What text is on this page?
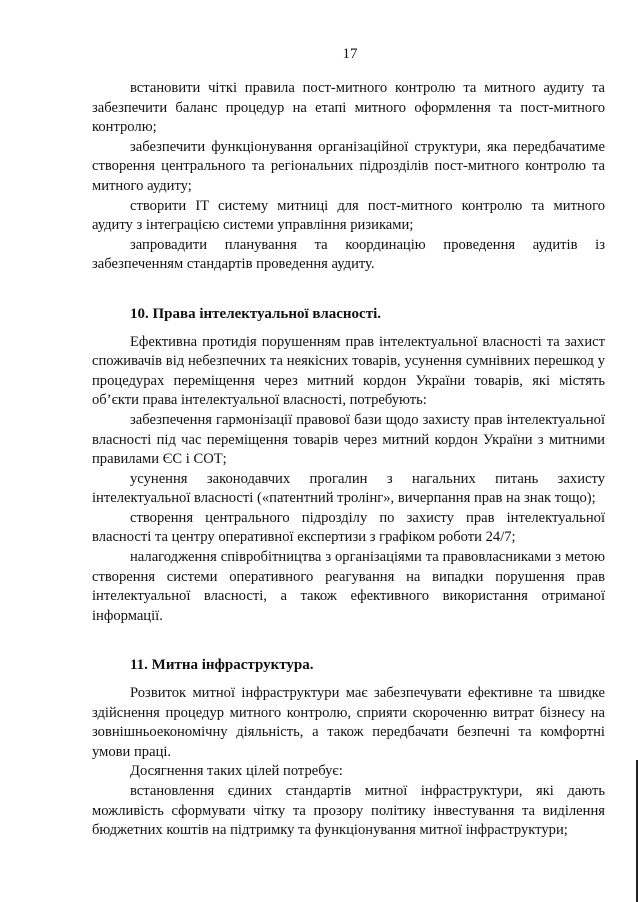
17

встановити чіткі правила пост-митного контролю та митного аудиту та забезпечити баланс процедур на етапі митного оформлення та пост-митного контролю;

забезпечити функціонування організаційної структури, яка передбачатиме створення центрального та регіональних підрозділів пост-митного контролю та митного аудиту;

створити IT систему митниці для пост-митного контролю та митного аудиту з інтеграцією системи управління ризиками;

запровадити планування та координацію проведення аудитів із забезпеченням стандартів проведення аудиту.

10. Права інтелектуальної власності.

Ефективна протидія порушенням прав інтелектуальної власності та захист споживачів від небезпечних та неякісних товарів, усунення сумнівних перешкод у процедурах переміщення через митний кордон України товарів, які містять об’єкти права інтелектуальної власності, потребують:

забезпечення гармонізації правової бази щодо захисту прав інтелектуальної власності під час переміщення товарів через митний кордон України з митними правилами ЄС і СОТ;

усунення законодавчих прогалин з нагальних питань захисту інтелектуальної власності («патентний тролінг», вичерпання прав на знак тощо);

створення центрального підрозділу по захисту прав інтелектуальної власності та центру оперативної експертизи з графіком роботи 24/7;

налагодження співробітництва з організаціями та правовласниками з метою створення системи оперативного реагування на випадки порушення прав інтелектуальної власності, а також ефективного використання отриманої інформації.

11. Митна інфраструктура.

Розвиток митної інфраструктури має забезпечувати ефективне та швидке здійснення процедур митного контролю, сприяти скороченню витрат бізнесу на зовнішньоекономічну діяльність, а також передбачати безпечні та комфортні умови праці.

Досягнення таких цілей потребує:

встановлення єдиних стандартів митної інфраструктури, які дають можливість сформувати чітку та прозору політику інвестування та виділення бюджетних коштів на підтримку та функціонування митної інфраструктури;
